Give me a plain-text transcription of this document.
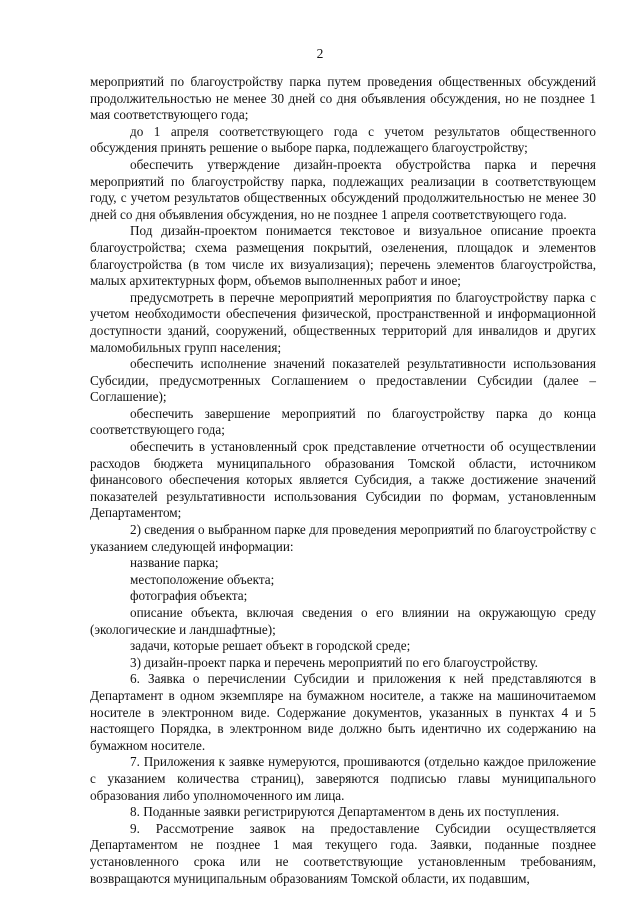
2

мероприятий по благоустройству парка путем проведения общественных обсуждений продолжительностью не менее 30 дней со дня объявления обсуждения, но не позднее 1 мая соответствующего года;

до 1 апреля соответствующего года с учетом результатов общественного обсуждения принять решение о выборе парка, подлежащего благоустройству;

обеспечить утверждение дизайн-проекта обустройства парка и перечня мероприятий по благоустройству парка, подлежащих реализации в соответствующем году, с учетом результатов общественных обсуждений продолжительностью не менее 30 дней со дня объявления обсуждения, но не позднее 1 апреля соответствующего года.

Под дизайн-проектом понимается текстовое и визуальное описание проекта благоустройства; схема размещения покрытий, озеленения, площадок и элементов благоустройства (в том числе их визуализация); перечень элементов благоустройства, малых архитектурных форм, объемов выполненных работ и иное;

предусмотреть в перечне мероприятий мероприятия по благоустройству парка с учетом необходимости обеспечения физической, пространственной и информационной доступности зданий, сооружений, общественных территорий для инвалидов и других маломобильных групп населения;

обеспечить исполнение значений показателей результативности использования Субсидии, предусмотренных Соглашением о предоставлении Субсидии (далее – Соглашение);

обеспечить завершение мероприятий по благоустройству парка до конца соответствующего года;

обеспечить в установленный срок представление отчетности об осуществлении расходов бюджета муниципального образования Томской области, источником финансового обеспечения которых является Субсидия, а также достижение значений показателей результативности использования Субсидии по формам, установленным Департаментом;

2) сведения о выбранном парке для проведения мероприятий по благоустройству с указанием следующей информации:

название парка;

местоположение объекта;

фотография объекта;

описание объекта, включая сведения о его влиянии на окружающую среду (экологические и ландшафтные);

задачи, которые решает объект в городской среде;

3) дизайн-проект парка и перечень мероприятий по его благоустройству.

6. Заявка о перечислении Субсидии и приложения к ней представляются в Департамент в одном экземпляре на бумажном носителе, а также на машиночитаемом носителе в электронном виде. Содержание документов, указанных в пунктах 4 и 5 настоящего Порядка, в электронном виде должно быть идентично их содержанию на бумажном носителе.

7. Приложения к заявке нумеруются, прошиваются (отдельно каждое приложение с указанием количества страниц), заверяются подписью главы муниципального образования либо уполномоченного им лица.

8. Поданные заявки регистрируются Департаментом в день их поступления.

9. Рассмотрение заявок на предоставление Субсидии осуществляется Департаментом не позднее 1 мая текущего года. Заявки, поданные позднее установленного срока или не соответствующие установленным требованиям, возвращаются муниципальным образованиям Томской области, их подавшим,
